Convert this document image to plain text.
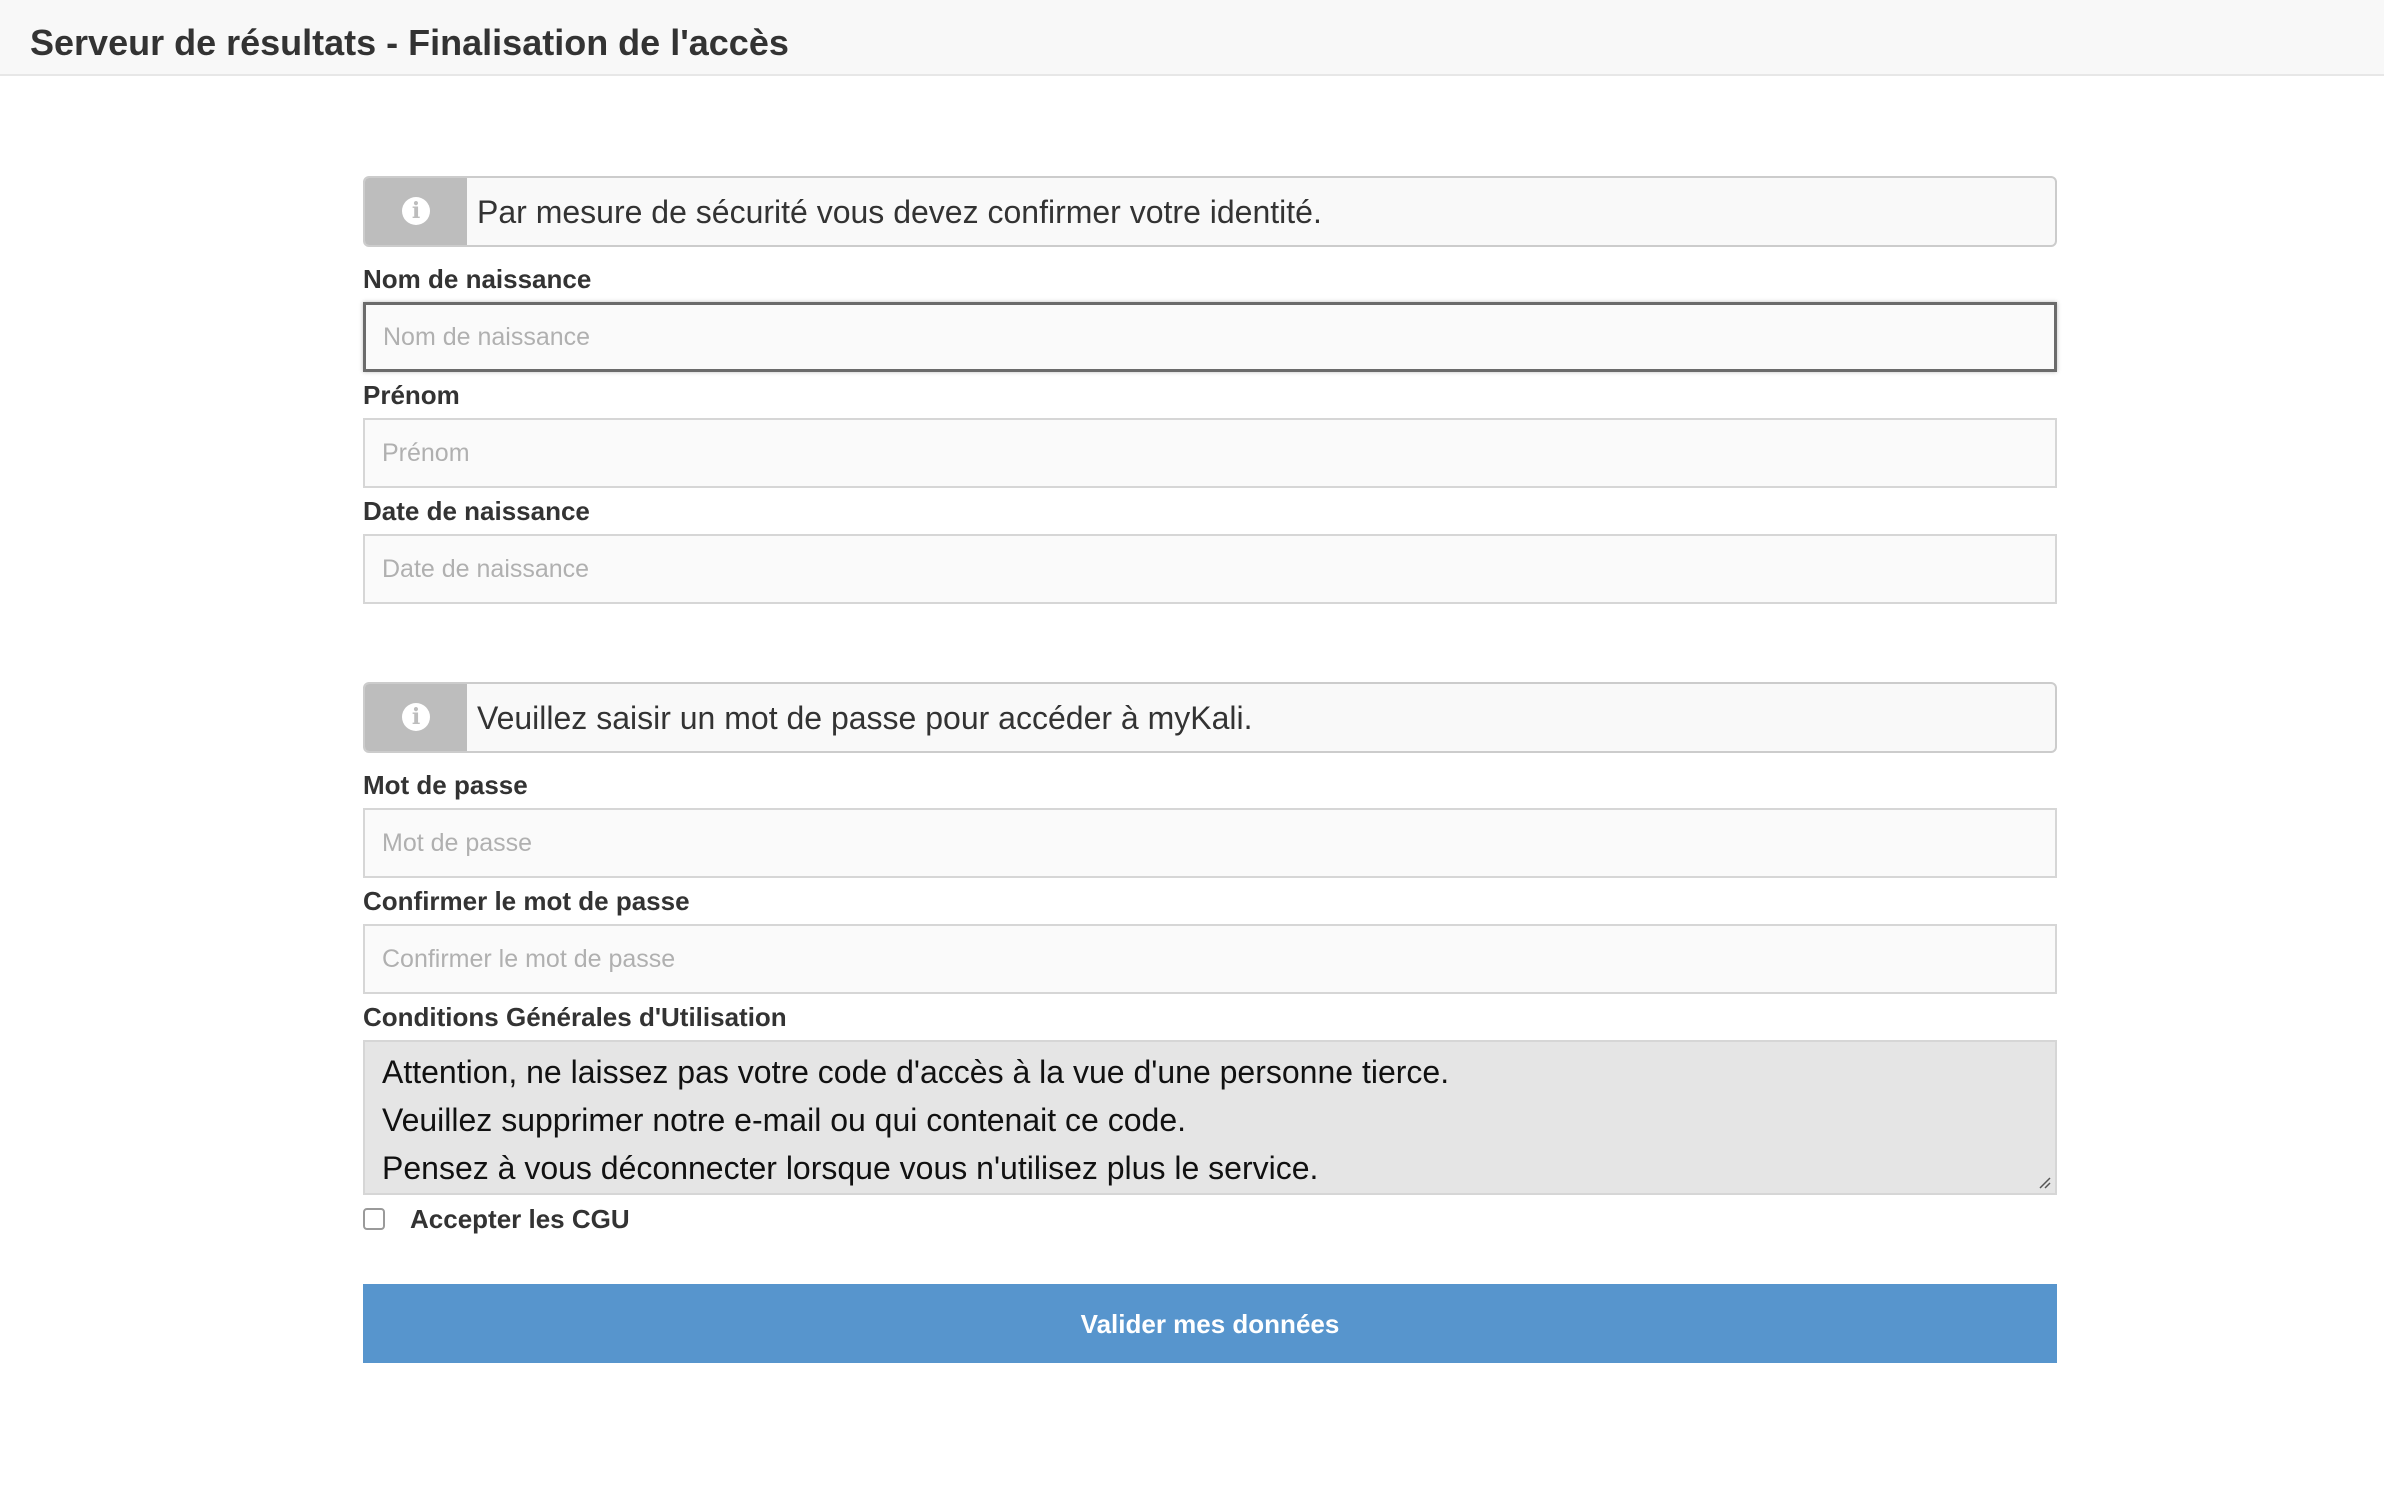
Serveur de résultats - Finalisation de l'accès
i	Par mesure de sécurité vous devez confirmer votre identité.
Nom de naissance
Nom de naissance
Prénom
Prénom
Date de naissance
Date de naissance
i	Veuillez saisir un mot de passe pour accéder à myKali.
Mot de passe
Confirmer le mot de passe
Conditions Générales d'Utilisation
Attention, ne laissez pas votre code d'accès à la vue d'une personne tierce.
Veuillez supprimer notre e-mail ou qui contenait ce code.
Pensez à vous déconnecter lorsque vous n'utilisez plus le service.
Accepter les CGU
Valider mes données
